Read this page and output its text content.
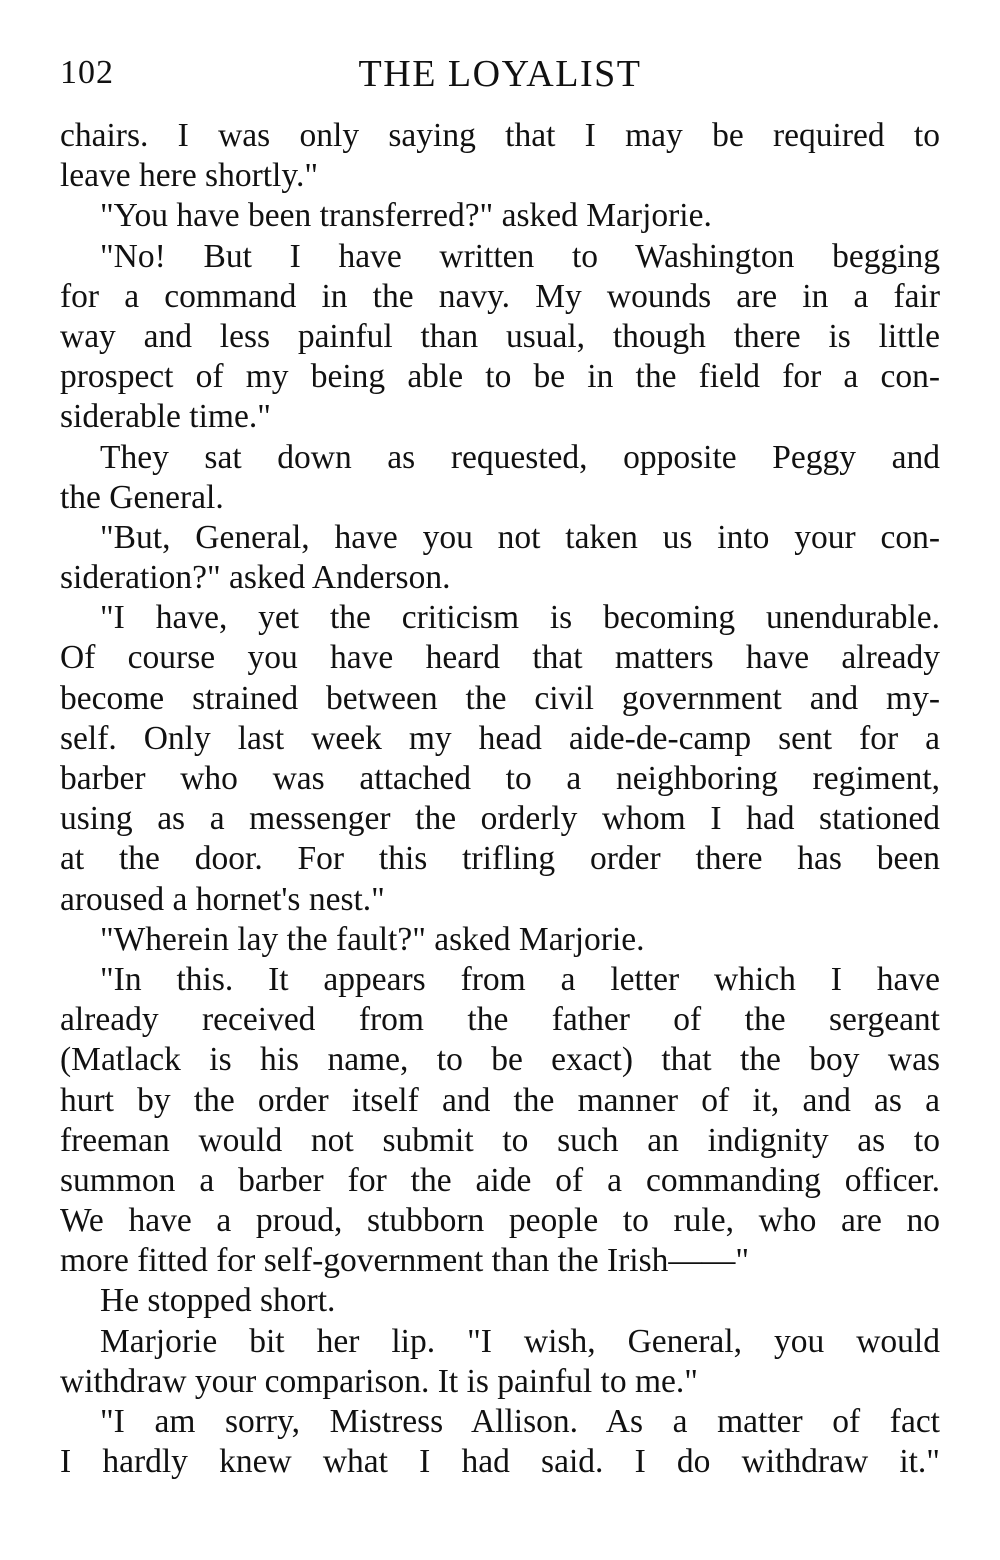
102	THE LOYALIST
chairs. I was only saying that I may be required to
leave here shortly."
"You have been transferred?" asked Marjorie.
"No! But I have written to Washington begging
for a command in the navy. My wounds are in a fair
way and less painful than usual, though there is little
prospect of my being able to be in the field for a con-
siderable time."
They sat down as requested, opposite Peggy and
the General.
"But, General, have you not taken us into your con-
sideration?" asked Anderson.
"I have, yet the criticism is becoming unendurable.
Of course you have heard that matters have already
become strained between the civil government and my-
self. Only last week my head aide-de-camp sent for a
barber who was attached to a neighboring regiment,
using as a messenger the orderly whom I had stationed
at the door. For this trifling order there has been
aroused a hornet's nest."
"Wherein lay the fault?" asked Marjorie.
"In this. It appears from a letter which I have
already received from the father of the sergeant
(Matlack is his name, to be exact) that the boy was
hurt by the order itself and the manner of it, and as a
freeman would not submit to such an indignity as to
summon a barber for the aide of a commanding officer.
We have a proud, stubborn people to rule, who are no
more fitted for self-government than the Irish——"
He stopped short.
Marjorie bit her lip. "I wish, General, you would
withdraw your comparison. It is painful to me."
"I am sorry, Mistress Allison. As a matter of fact
I hardly knew what I had said. I do withdraw it."
